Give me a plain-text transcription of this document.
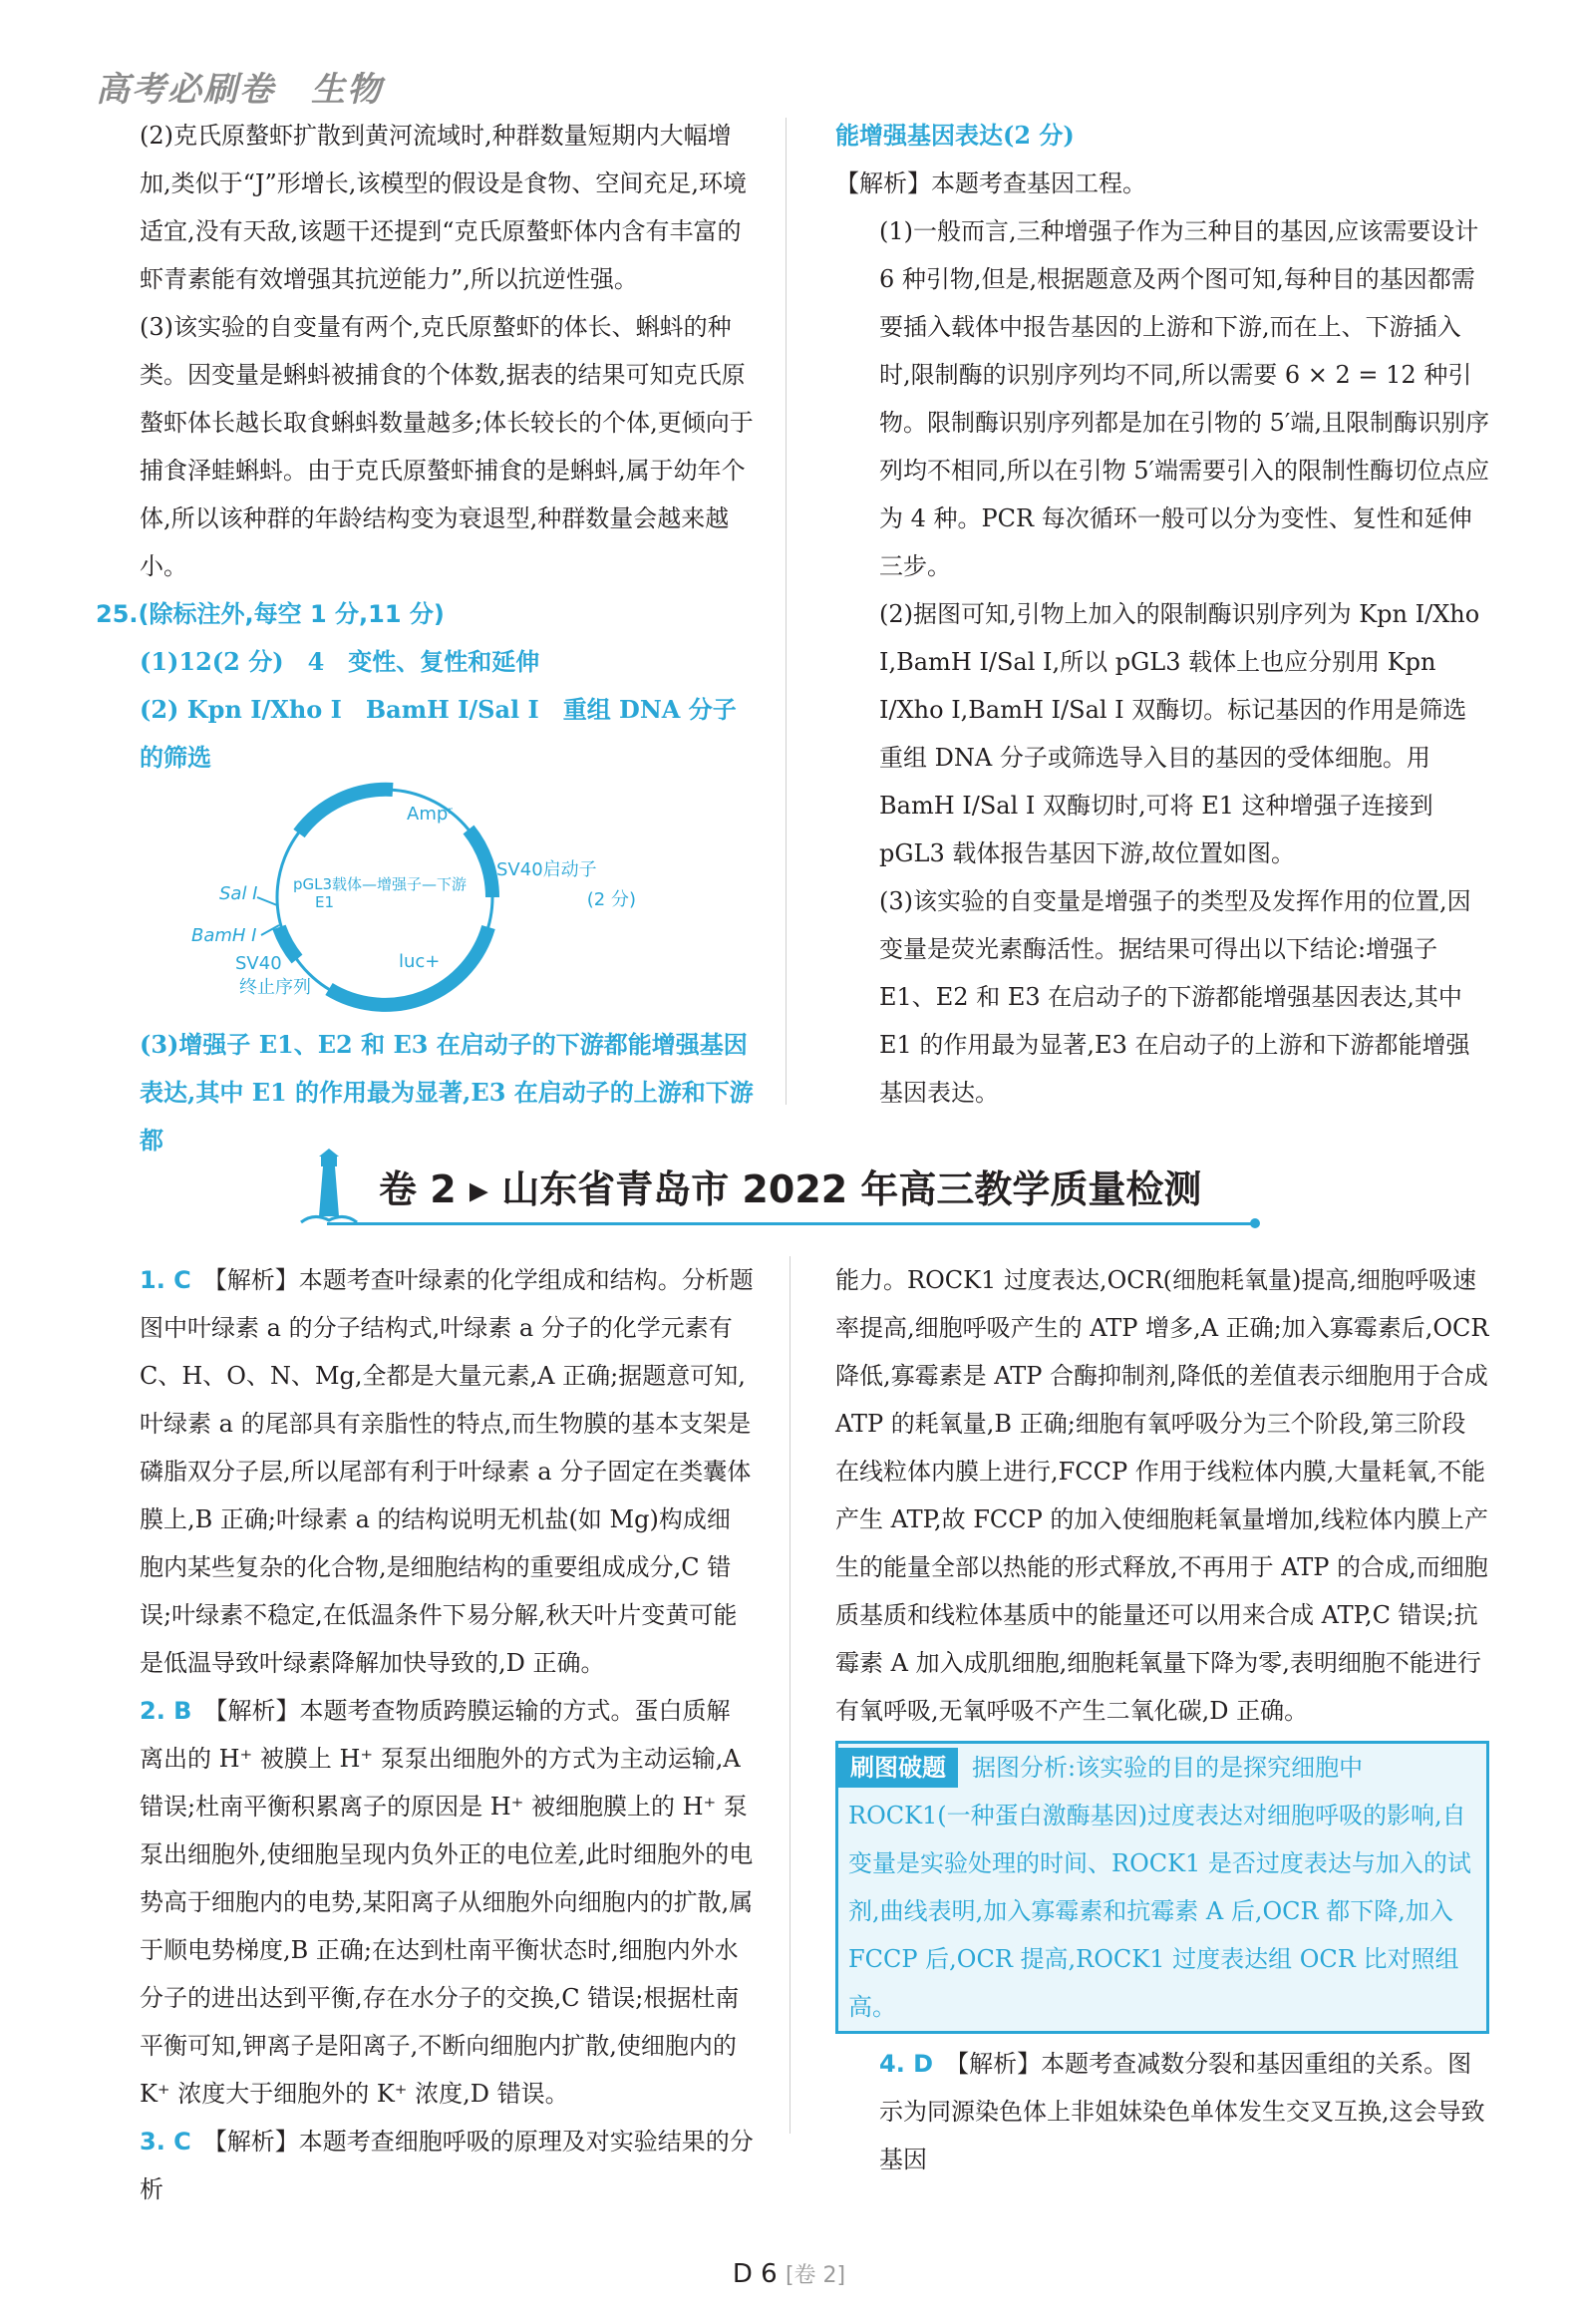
高考必刷卷　生物

(2)克氏原螯虾扩散到黄河流域时,种群数量短期内大幅增加,类似于“J”形增长,该模型的假设是食物、空间充足,环境适宜,没有天敌,该题干还提到“克氏原螯虾体内含有丰富的虾青素能有效增强其抗逆能力”,所以抗逆性强。

(3)该实验的自变量有两个,克氏原螯虾的体长、蝌蚪的种类。因变量是蝌蚪被捕食的个体数,据表的结果可知克氏原螯虾体长越长取食蝌蚪数量越多;体长较长的个体,更倾向于捕食泽蛙蝌蚪。由于克氏原螯虾捕食的是蝌蚪,属于幼年个体,所以该种群的年龄结构变为衰退型,种群数量会越来越小。

25.(除标注外,每空 1 分,11 分)

(1)12(2 分)　4　变性、复性和延伸

(2) Kpn Ⅰ/Xho Ⅰ　BamH Ⅰ/Sal Ⅰ　重组 DNA 分子的筛选

Ampʳ
pGL3载体—增强子—下游
E1
SV40启动子
(2 分)
Sal Ⅰ
BamH Ⅰ
SV40
终止序列
luc+

(3)增强子 E1、E2 和 E3 在启动子的下游都能增强基因表达,其中 E1 的作用最为显著,E3 在启动子的上游和下游都

能增强基因表达(2 分)

【解析】本题考查基因工程。

(1)一般而言,三种增强子作为三种目的基因,应该需要设计6 种引物,但是,根据题意及两个图可知,每种目的基因都需要插入载体中报告基因的上游和下游,而在上、下游插入时,限制酶的识别序列均不同,所以需要 6 × 2 = 12 种引物。限制酶识别序列都是加在引物的 5′端,且限制酶识别序列均不相同,所以在引物 5′端需要引入的限制性酶切位点应为 4 种。PCR 每次循环一般可以分为变性、复性和延伸三步。

(2)据图可知,引物上加入的限制酶识别序列为 Kpn Ⅰ/Xho Ⅰ,BamH Ⅰ/Sal Ⅰ,所以 pGL3 载体上也应分别用 Kpn Ⅰ/Xho Ⅰ,BamH Ⅰ/Sal Ⅰ 双酶切。标记基因的作用是筛选重组 DNA 分子或筛选导入目的基因的受体细胞。用 BamH Ⅰ/Sal Ⅰ 双酶切时,可将 E1 这种增强子连接到 pGL3 载体报告基因下游,故位置如图。

(3)该实验的自变量是增强子的类型及发挥作用的位置,因变量是荧光素酶活性。据结果可得出以下结论:增强子 E1、E2 和 E3 在启动子的下游都能增强基因表达,其中 E1 的作用最为显著,E3 在启动子的上游和下游都能增强基因表达。

卷 2 ▸ 山东省青岛市 2022 年高三教学质量检测

1. C　 【解析】本题考查叶绿素的化学组成和结构。分析题图中叶绿素 a 的分子结构式,叶绿素 a 分子的化学元素有 C、H、O、N、Mg,全都是大量元素,A 正确;据题意可知,叶绿素 a 的尾部具有亲脂性的特点,而生物膜的基本支架是磷脂双分子层,所以尾部有利于叶绿素 a 分子固定在类囊体膜上,B 正确;叶绿素 a 的结构说明无机盐(如 Mg)构成细胞内某些复杂的化合物,是细胞结构的重要组成成分,C 错误;叶绿素不稳定,在低温条件下易分解,秋天叶片变黄可能是低温导致叶绿素降解加快导致的,D 正确。

2. B　 【解析】本题考查物质跨膜运输的方式。蛋白质解离出的 H⁺ 被膜上 H⁺ 泵泵出细胞外的方式为主动运输,A 错误;杜南平衡积累离子的原因是 H⁺ 被细胞膜上的 H⁺ 泵泵出细胞外,使细胞呈现内负外正的电位差,此时细胞外的电势高于细胞内的电势,某阳离子从细胞外向细胞内的扩散,属于顺电势梯度,B 正确;在达到杜南平衡状态时,细胞内外水分子的进出达到平衡,存在水分子的交换,C 错误;根据杜南平衡可知,钾离子是阳离子,不断向细胞内扩散,使细胞内的 K⁺ 浓度大于细胞外的 K⁺ 浓度,D 错误。

3. C　 【解析】本题考查细胞呼吸的原理及对实验结果的分析

能力。ROCK1 过度表达,OCR(细胞耗氧量)提高,细胞呼吸速率提高,细胞呼吸产生的 ATP 增多,A 正确;加入寡霉素后,OCR 降低,寡霉素是 ATP 合酶抑制剂,降低的差值表示细胞用于合成 ATP 的耗氧量,B 正确;细胞有氧呼吸分为三个阶段,第三阶段在线粒体内膜上进行,FCCP 作用于线粒体内膜,大量耗氧,不能产生 ATP,故 FCCP 的加入使细胞耗氧量增加,线粒体内膜上产生的能量全部以热能的形式释放,不再用于 ATP 的合成,而细胞质基质和线粒体基质中的能量还可以用来合成 ATP,C 错误;抗霉素 A 加入成肌细胞,细胞耗氧量下降为零,表明细胞不能进行有氧呼吸,无氧呼吸不产生二氧化碳,D 正确。

刷图破题 据图分析:该实验的目的是探究细胞中 ROCK1(一种蛋白激酶基因)过度表达对细胞呼吸的影响,自变量是实验处理的时间、ROCK1 是否过度表达与加入的试剂,曲线表明,加入寡霉素和抗霉素 A 后,OCR 都下降,加入 FCCP 后,OCR 提高,ROCK1 过度表达组 OCR 比对照组高。

4. D　 【解析】本题考查减数分裂和基因重组的关系。图示为同源染色体上非姐妹染色单体发生交叉互换,这会导致基因

D 6 [卷 2]
